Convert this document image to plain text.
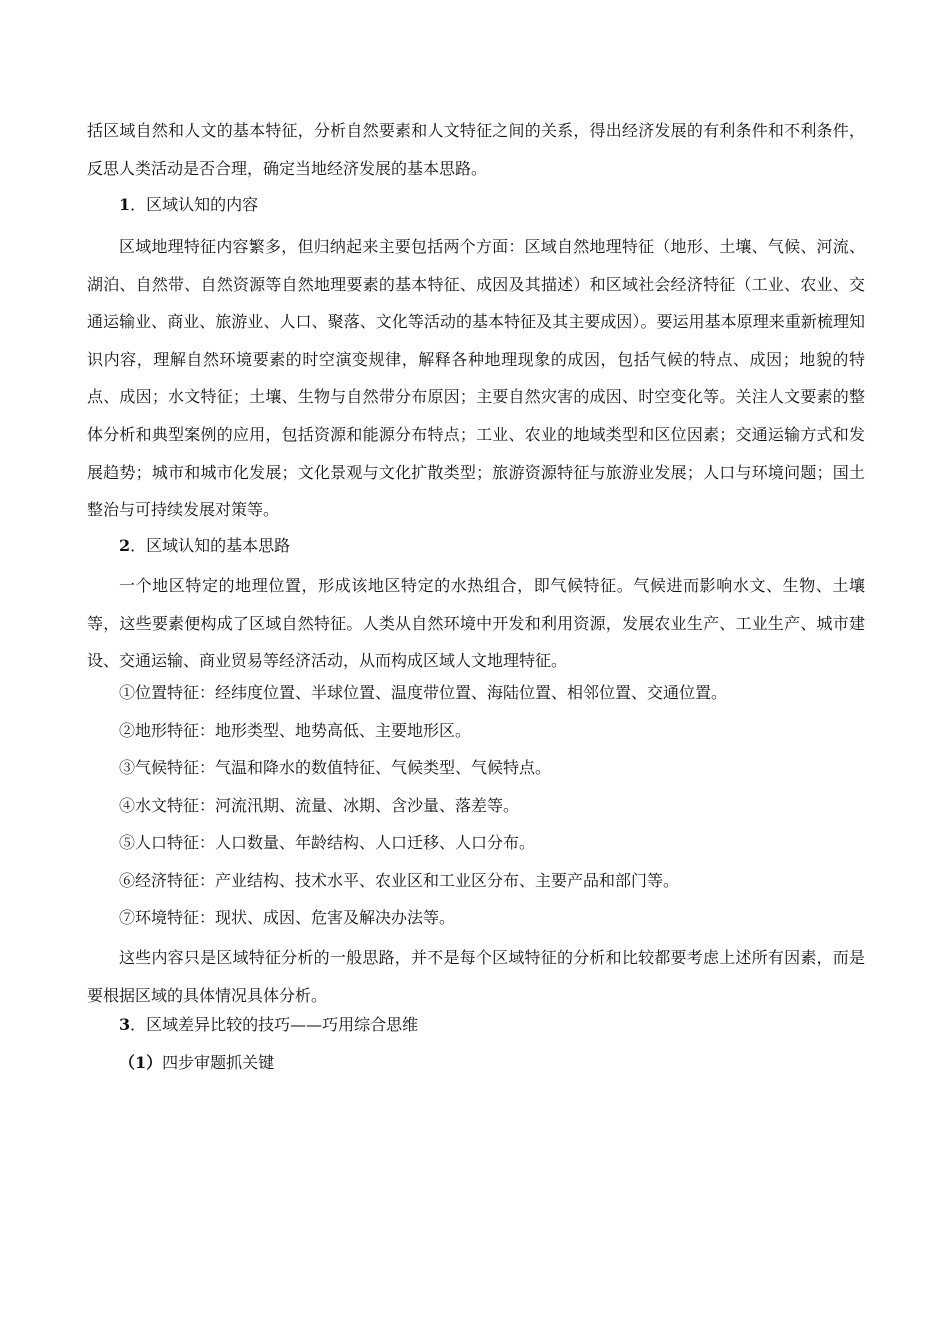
括区域自然和人文的基本特征，分析自然要素和人文特征之间的关系，得出经济发展的有利条件和不利条件，反思人类活动是否合理，确定当地经济发展的基本思路。

1．区域认知的内容

区域地理特征内容繁多，但归纳起来主要包括两个方面：区域自然地理特征（地形、土壤、气候、河流、湖泊、自然带、自然资源等自然地理要素的基本特征、成因及其描述）和区域社会经济特征（工业、农业、交通运输业、商业、旅游业、人口、聚落、文化等活动的基本特征及其主要成因）。要运用基本原理来重新梳理知识内容，理解自然环境要素的时空演变规律，解释各种地理现象的成因，包括气候的特点、成因；地貌的特点、成因；水文特征；土壤、生物与自然带分布原因；主要自然灾害的成因、时空变化等。关注人文要素的整体分析和典型案例的应用，包括资源和能源分布特点；工业、农业的地域类型和区位因素；交通运输方式和发展趋势；城市和城市化发展；文化景观与文化扩散类型；旅游资源特征与旅游业发展；人口与环境问题；国土整治与可持续发展对策等。

2．区域认知的基本思路

一个地区特定的地理位置，形成该地区特定的水热组合，即气候特征。气候进而影响水文、生物、土壤等，这些要素便构成了区域自然特征。人类从自然环境中开发和利用资源，发展农业生产、工业生产、城市建设、交通运输、商业贸易等经济活动，从而构成区域人文地理特征。

①位置特征：经纬度位置、半球位置、温度带位置、海陆位置、相邻位置、交通位置。

②地形特征：地形类型、地势高低、主要地形区。

③气候特征：气温和降水的数值特征、气候类型、气候特点。

④水文特征：河流汛期、流量、冰期、含沙量、落差等。

⑤人口特征：人口数量、年龄结构、人口迁移、人口分布。

⑥经济特征：产业结构、技术水平、农业区和工业区分布、主要产品和部门等。

⑦环境特征：现状、成因、危害及解决办法等。

这些内容只是区域特征分析的一般思路，并不是每个区域特征的分析和比较都要考虑上述所有因素，而是要根据区域的具体情况具体分析。

3．区域差异比较的技巧——巧用综合思维

（1）四步审题抓关键
